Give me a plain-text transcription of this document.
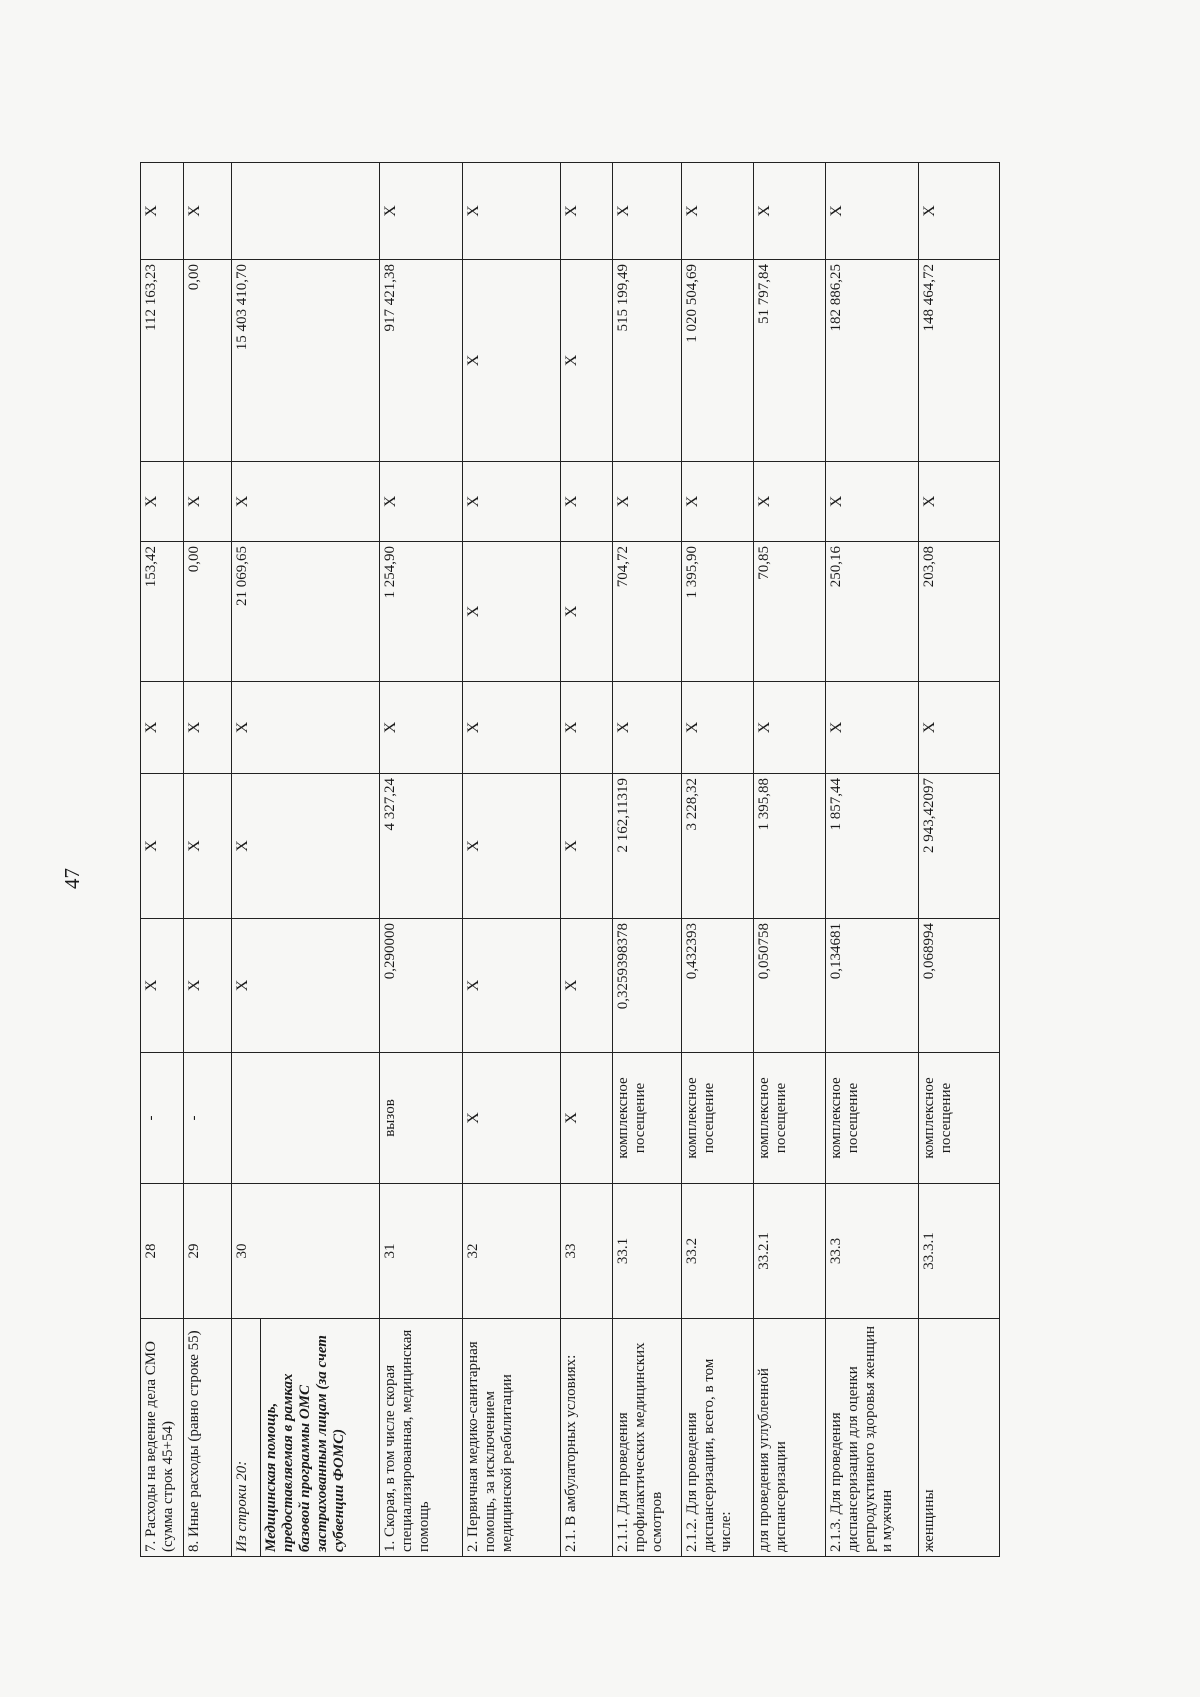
47
7. Расходы на ведение дела СМО (сумма строк 45+54)	28	-	X	X	X	153,42	X	112 163,23	X
8. Иные расходы (равно строке 55)	29	-	X	X	X	0,00	X	0,00	X
Из строки 20:	30		X	X	X	21 069,65	X	15 403 410,70	
Медицинская помощь, предоставляемая в рамках базовой программы ОМС застрахованным лицам (за счет субвенции ФОМС)									
1. Скорая, в том числе скорая специализированная, медицинская помощь	31	вызов	0,290000	4 327,24	X	1 254,90	X	917 421,38	X
2. Первичная медико-санитарная помощь, за исключением медицинской реабилитации	32	X	X	X	X	X	X	X	X
2.1. В амбулаторных условиях:	33	X	X	X	X	X	X	X	X
2.1.1. Для проведения профилактических медицинских осмотров	33.1	комплексное посещение	0,3259398378	2 162,11319	X	704,72	X	515 199,49	X
2.1.2. Для проведения диспансеризации, всего, в том числе:	33.2	комплексное посещение	0,432393	3 228,32	X	1 395,90	X	1 020 504,69	X
для проведения углубленной диспансеризации	33.2.1	комплексное посещение	0,050758	1 395,88	X	70,85	X	51 797,84	X
2.1.3. Для проведения диспансеризации для оценки репродуктивного здоровья женщин и мужчин	33.3	комплексное посещение	0,134681	1 857,44	X	250,16	X	182 886,25	X
женщины	33.3.1	комплексное посещение	0,068994	2 943,42097	X	203,08	X	148 464,72	X
